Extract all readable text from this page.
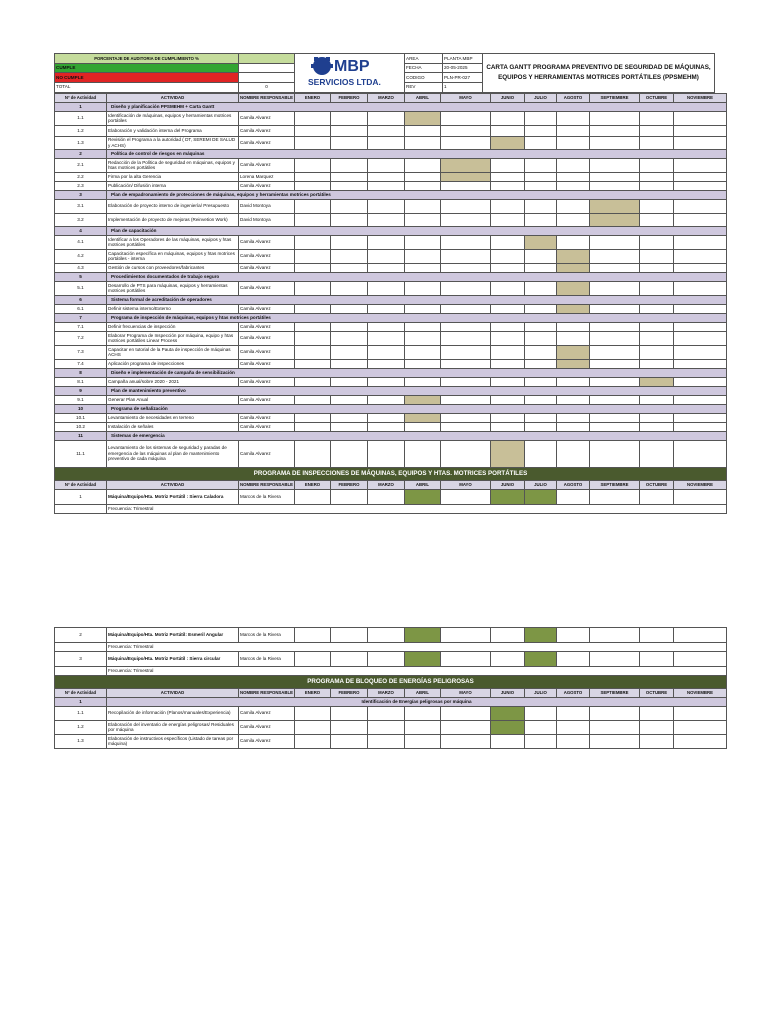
PORCENTAJE DE AUDITORIA DE CUMPLIMIENTO %		MBP
SERVICIOS LTDA.	AREA	PLANTA MBP	CARTA GANTT PROGRAMA PREVENTIVO DE SEGURIDAD DE MÁQUINAS, EQUIPOS Y HERRAMIENTAS MOTRICES PORTÁTILES (PPSMEHM)
CUMPLE			FECHA	20-05-2025	
NO CUMPLE			CODIGO	PLN-PR-027	
TOTAL	0		REV	1	
Nº de Actividad	ACTIVIDAD	NOMBRE RESPONSABLE	ENERO	FEBRERO	MARZO	ABRIL	MAYO	JUNIO	JULIO	AGOSTO	SEPTIEMBRE	OCTUBRE	NOVIEMBRE
1	Diseño y planificación PPSMEHM + Carta Gantt												
1.1	Identificación de máquinas, equipos y herramientas motrices portátiles	Camila Alvarez											
1.2	Elaboración y validación interna del Programa	Camila Alvarez											
1.3	Revisión el Programa a la autoridad ( DT, SEREMI DE SALUD y ACHS)	Camila Alvarez											
2	Política de control de riesgos en máquinas												
2.1	Redacción de la Política de seguridad en máquinas, equipos y htas motrices portátiles	Camila Alvarez											
2.2	Firma por la alta Gerencia	Lorena Marquez											
2.3	Publicación/ Difusión interna	Camila Alvarez											
3	Plan de empadronamiento de protecciones de máquinas, equipos y herramientas motrices portátiles												
3.1	Elaboración de proyecto interno de ingeniería/ Presupuesto	David Montoya											
3.2	Implementación de proyecto de mejoras (Reinvetion Work)	David Montoya											
4	Plan de capacitación												
4.1	Identificar a los Operadores de las máquinas, equipos y htas motrices portátiles	Camila Alvarez											
4.2	Capacitación específica en máquinas, equipos y htas motrices portátiles - interna	Camila Alvarez											
4.3	Gestión de cursos con proveedores/fabricantes	Camila Alvarez											
5	Procedimientos documentados de trabajo seguro												
5.1	Desarrollo de PTS para máquinas, equipos y herramientas motrices portátiles	Camila Alvarez											
6	Sistema formal de acreditación de operadores												
6.1	Definir sistema interno/Externo	Camila Alvarez											
7	Programa de inspección de máquinas, equipos y htas motrices portátiles												
7.1	Definir frecuencias de inspección	Camila Alvarez											
7.2	Elaborar Programa de Inspección por máquina, equipo y htas motrices portátiles Linear Process	Camila Alvarez											
7.3	Capacitar en tutorial de la Pauta de inspección de máquinas ACHS	Camila Alvarez											
7.4	Aplicación programa de inspecciones	Camila Alvarez											
8	Diseño e implementación de campaña de sensibilización												
8.1	Campaña anual/sobre 2020 - 2021	Camila Alvarez											
9	Plan de mantenimiento preventivo												
9.1	Generar Plan Anual	Camila Alvarez											
10	Programa de señalización												
10.1	Levantamiento de necesidades en terreno	Camila Alvarez											
10.2	Instalación de señales	Camila Alvarez											
11	Sistemas de emergencia												
11.1	Levantamiento de los sistemas de seguridad y paradas de emergencia de las máquinas al plan de mantenimiento preventivo de cada máquina	Camila Alvarez											
PROGRAMA DE INSPECCIONES DE MÁQUINAS, EQUIPOS Y HTAS. MOTRICES PORTÁTILES													
Nº de Actividad	ACTIVIDAD	NOMBRE RESPONSABLE	ENERO	FEBRERO	MARZO	ABRIL	MAYO	JUNIO	JULIO	AGOSTO	SEPTIEMBRE	OCTUBRE	NOVIEMBRE
1	Máquina/Equipo/Hta. Motriz Portátil : Sierra Caladora	Marcos de la Rivera											
	Frecuencia: Trimestral												

2	Máquina/Equipo/Hta. Motriz Portátil: Esmeril Angular	Marcos de la Rivera											
	Frecuencia: Trimestral												
3	Máquina/Equipo/Hta. Motriz Portátil : Sierra circular	Marcos de la Rivera											
	Frecuencia: Trimestral												
PROGRAMA DE BLOQUEO DE ENERGÍAS PELIGROSAS													
Nº de Actividad	ACTIVIDAD	NOMBRE RESPONSABLE	ENERO	FEBRERO	MARZO	ABRIL	MAYO	JUNIO	JULIO	AGOSTO	SEPTIEMBRE	OCTUBRE	NOVIEMBRE
1	Identificación de Energías peligrosas por máquina												
1.1	Recopilación de información (Planos/manuales/Experiencia)	Camila Alvarez											
1.2	Elaboración del inventario de energías peligrosas/ Residuales por máquina	Camila Alvarez											
1.3	Elaboración de instructivos específicos (Listado de tareas por máquina)	Camila Alvarez											
